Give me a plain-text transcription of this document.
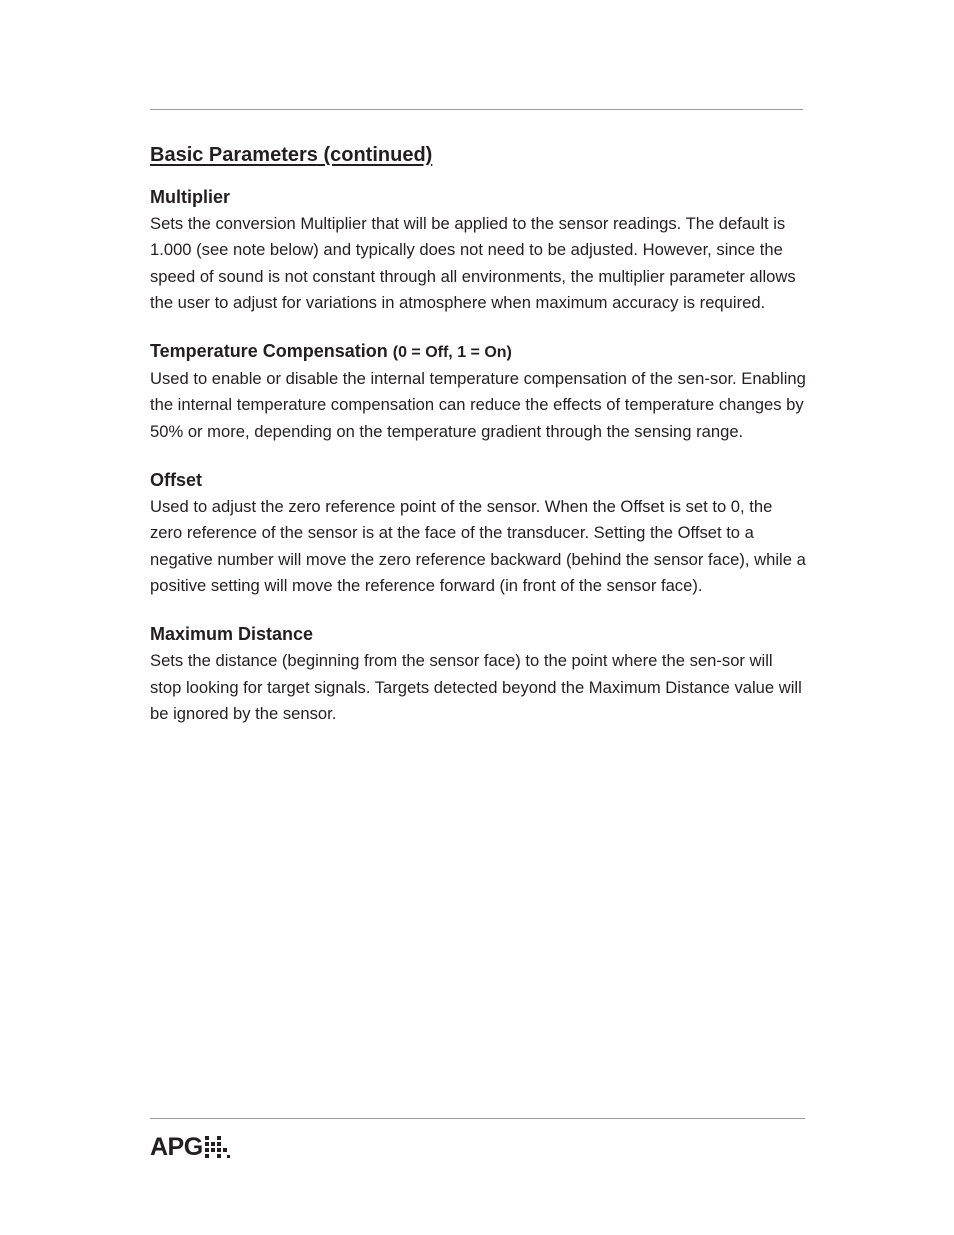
Basic Parameters (continued)
Multiplier

Sets the conversion Multiplier that will be applied to the sensor readings. The default is 1.000 (see note below) and typically does not need to be adjusted. However, since the speed of sound is not constant through all environments, the multiplier parameter allows the user to adjust for variations in atmosphere when maximum accuracy is required.

Temperature Compensation (0 = Off, 1 = On)

Used to enable or disable the internal temperature compensation of the sen-sor. Enabling the internal temperature compensation can reduce the effects of temperature changes by 50% or more, depending on the temperature gradient through the sensing range.

Offset

Used to adjust the zero reference point of the sensor. When the Offset is set to 0, the zero reference of the sensor is at the face of the transducer. Setting the Offset to a negative number will move the zero reference backward (behind the sensor face), while a positive setting will move the reference forward (in front of the sensor face).

Maximum Distance

Sets the distance (beginning from the sensor face) to the point where the sen-sor will stop looking for target signals. Targets detected beyond the Maximum Distance value will be ignored by the sensor.

APG
